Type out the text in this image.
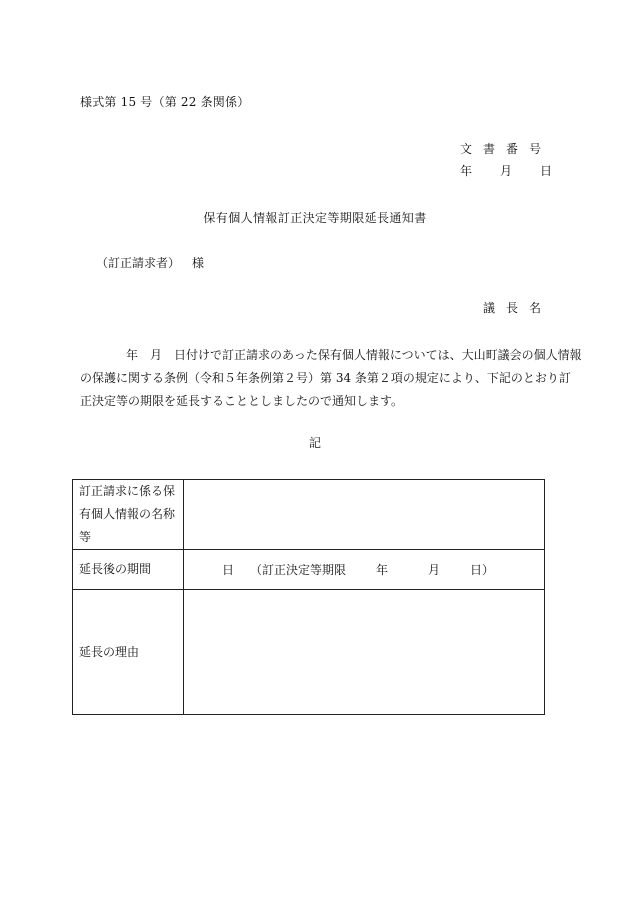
様式第 15 号（第 22 条関係）
文書番号
年 月 日
保有個人情報訂正決定等期限延長通知書
（訂正請求者） 様
議長名
年　月　日付けで訂正請求のあった保有個人情報については、大山町議会の個人情報
の保護に関する条例（令和５年条例第２号）第 34 条第２項の規定により、下記のとおり訂
正決定等の期限を延長することとしましたので通知します。
記
訂正請求に係る保有個人情報の名称等	
延長後の期間	日 （訂正決定等期限 年 月 日）
延長の理由	
